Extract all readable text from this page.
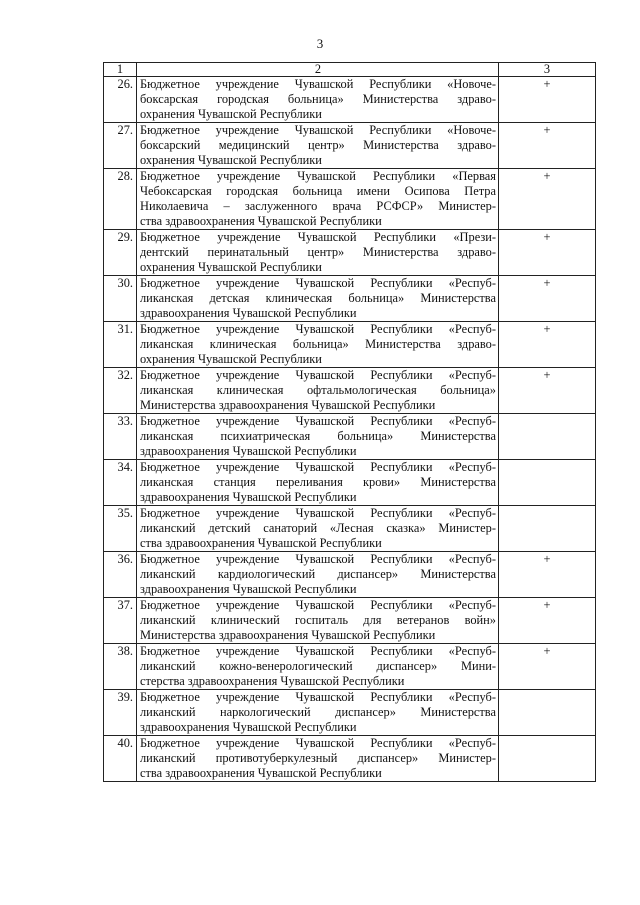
3
1	2	3
26.	Бюджетное учреждение Чувашской Республики «Новоче-
боксарская городская больница» Министерства здраво-
охранения Чувашской Республики	+
27.	Бюджетное учреждение Чувашской Республики «Новоче-
боксарский медицинский центр» Министерства здраво-
охранения Чувашской Республики	+
28.	Бюджетное учреждение Чувашской Республики «Первая
Чебоксарская городская больница имени Осипова Петра
Николаевича – заслуженного врача РСФСР» Министер-
ства здравоохранения Чувашской Республики	+
29.	Бюджетное учреждение Чувашской Республики «Прези-
дентский перинатальный центр» Министерства здраво-
охранения Чувашской Республики	+
30.	Бюджетное учреждение Чувашской Республики «Респуб-
ликанская детская клиническая больница» Министерства
здравоохранения Чувашской Республики	+
31.	Бюджетное учреждение Чувашской Республики «Респуб-
ликанская клиническая больница» Министерства здраво-
охранения Чувашской Республики	+
32.	Бюджетное учреждение Чувашской Республики «Респуб-
ликанская клиническая офтальмологическая больница»
Министерства здравоохранения Чувашской Республики	+
33.	Бюджетное учреждение Чувашской Республики «Респуб-
ликанская психиатрическая больница» Министерства
здравоохранения Чувашской Республики	

34.	Бюджетное учреждение Чувашской Республики «Респуб-
ликанская станция переливания крови» Министерства
здравоохранения Чувашской Республики	

35.	Бюджетное учреждение Чувашской Республики «Респуб-
ликанский детский санаторий «Лесная сказка» Министер-
ства здравоохранения Чувашской Республики	

36.	Бюджетное учреждение Чувашской Республики «Респуб-
ликанский кардиологический диспансер» Министерства
здравоохранения Чувашской Республики	+
37.	Бюджетное учреждение Чувашской Республики «Респуб-
ликанский клинический госпиталь для ветеранов войн»
Министерства здравоохранения Чувашской Республики	+
38.	Бюджетное учреждение Чувашской Республики «Респуб-
ликанский кожно-венерологический диспансер» Мини-
стерства здравоохранения Чувашской Республики	+
39.	Бюджетное учреждение Чувашской Республики «Респуб-
ликанский наркологический диспансер» Министерства
здравоохранения Чувашской Республики	

40.	Бюджетное учреждение Чувашской Республики «Респуб-
ликанский противотуберкулезный диспансер» Министер-
ства здравоохранения Чувашской Республики	
